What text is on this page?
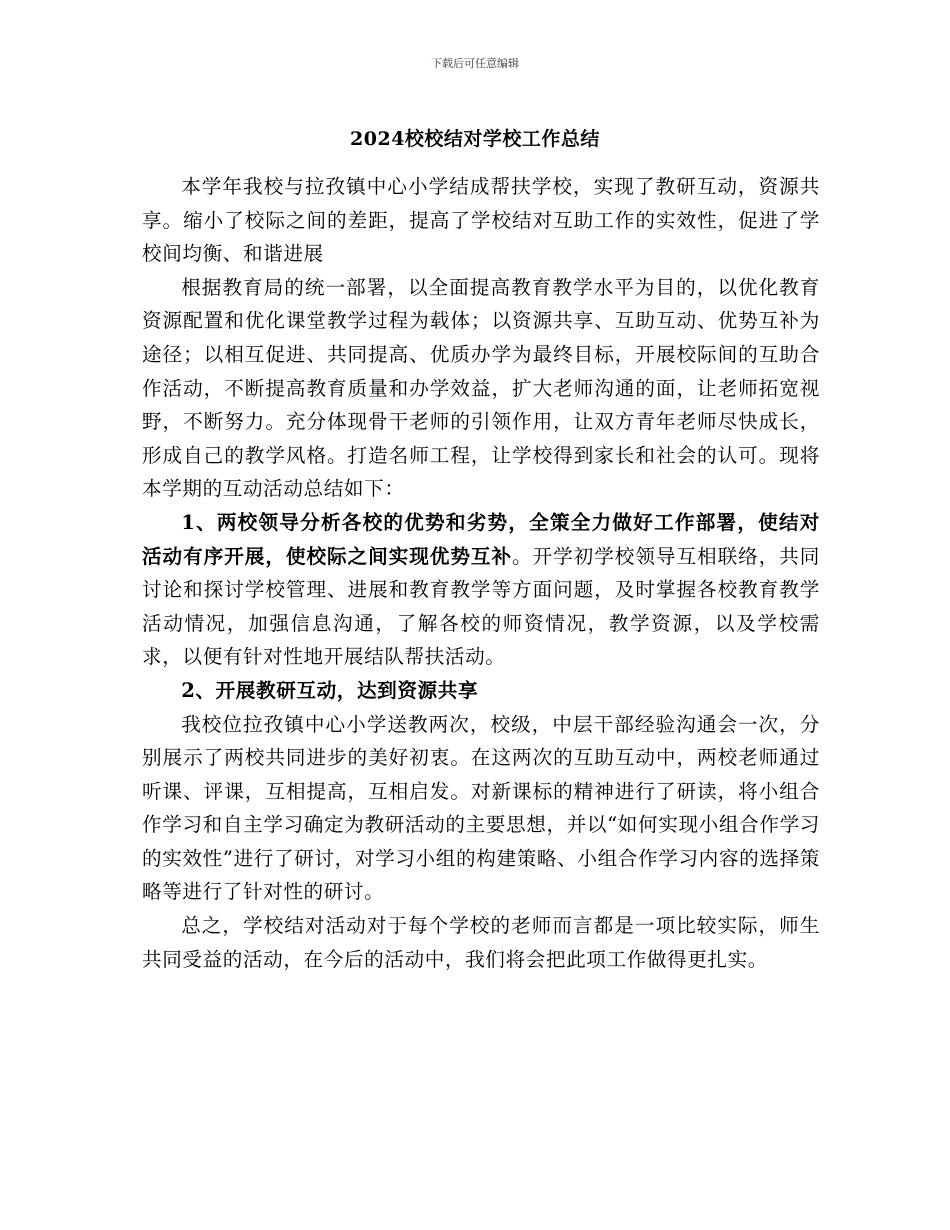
下载后可任意编辑
2024校校结对学校工作总结

本学年我校与拉孜镇中心小学结成帮扶学校，实现了教研互动，资源共享。缩小了校际之间的差距，提高了学校结对互助工作的实效性，促进了学校间均衡、和谐进展

根据教育局的统一部署，以全面提高教育教学水平为目的，以优化教育资源配置和优化课堂教学过程为载体；以资源共享、互助互动、优势互补为途径；以相互促进、共同提高、优质办学为最终目标，开展校际间的互助合作活动，不断提高教育质量和办学效益，扩大老师沟通的面，让老师拓宽视野，不断努力。充分体现骨干老师的引领作用，让双方青年老师尽快成长，形成自己的教学风格。打造名师工程，让学校得到家长和社会的认可。现将本学期的互动活动总结如下：

1、两校领导分析各校的优势和劣势，全策全力做好工作部署，使结对活动有序开展，使校际之间实现优势互补。开学初学校领导互相联络，共同讨论和探讨学校管理、进展和教育教学等方面问题，及时掌握各校教育教学活动情况，加强信息沟通，了解各校的师资情况，教学资源，以及学校需求，以便有针对性地开展结队帮扶活动。

2、开展教研互动，达到资源共享

我校位拉孜镇中心小学送教两次，校级，中层干部经验沟通会一次，分别展示了两校共同进步的美好初衷。在这两次的互助互动中，两校老师通过听课、评课，互相提高，互相启发。对新课标的精神进行了研读，将小组合作学习和自主学习确定为教研活动的主要思想，并以“如何实现小组合作学习的实效性”进行了研讨，对学习小组的构建策略、小组合作学习内容的选择策略等进行了针对性的研讨。

总之，学校结对活动对于每个学校的老师而言都是一项比较实际，师生共同受益的活动，在今后的活动中，我们将会把此项工作做得更扎实。
